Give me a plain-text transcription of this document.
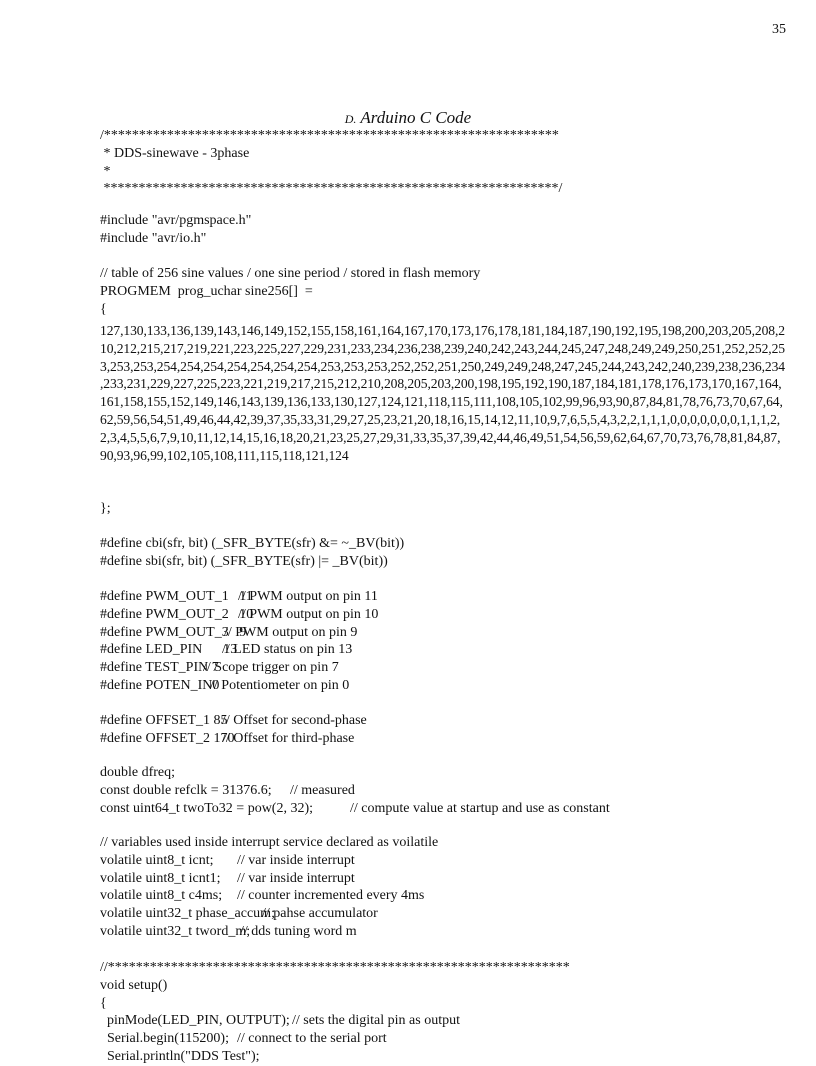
35
D. Arduino C Code
/*****************************************************************
* DDS-sinewave - 3phase
*
*****************************************************************/
#include "avr/pgmspace.h"
#include "avr/io.h"
// table of 256 sine values / one sine period / stored in flash memory
PROGMEM  prog_uchar sine256[]  =
{
127,130,133,136,139,143,146,149,152,155,158,161,164,167,170,173,176,178,181,184,187,190,192,195,198,200,203,205,208,2
10,212,215,217,219,221,223,225,227,229,231,233,234,236,238,239,240,242,243,244,245,247,248,249,249,250,251,252,252,25
3,253,253,254,254,254,254,254,254,254,253,253,253,252,252,251,250,249,249,248,247,245,244,243,242,240,239,238,236,234
,233,231,229,227,225,223,221,219,217,215,212,210,208,205,203,200,198,195,192,190,187,184,181,178,176,173,170,167,164,
161,158,155,152,149,146,143,139,136,133,130,127,124,121,118,115,111,108,105,102,99,96,93,90,87,84,81,78,76,73,70,67,64,
62,59,56,54,51,49,46,44,42,39,37,35,33,31,29,27,25,23,21,20,18,16,15,14,12,11,10,9,7,6,5,5,4,3,2,2,1,1,1,0,0,0,0,0,0,0,1,1,1,2,
2,3,4,5,5,6,7,9,10,11,12,14,15,16,18,20,21,23,25,27,29,31,33,35,37,39,42,44,46,49,51,54,56,59,62,64,67,70,73,76,78,81,84,87,
90,93,96,99,102,105,108,111,115,118,121,124
};
#define cbi(sfr, bit) (_SFR_BYTE(sfr) &= ~_BV(bit))
#define sbi(sfr, bit) (_SFR_BYTE(sfr) |= _BV(bit))
#define PWM_OUT_1   11
// PWM output on pin 11
#define PWM_OUT_2   10
// PWM output on pin 10
#define PWM_OUT_3   9
// PWM output on pin 9
#define LED_PIN      13
// LED status on pin 13
#define TEST_PIN 7
// Scope trigger on pin 7
#define POTEN_IN0
// Potentiometer on pin 0
#define OFFSET_1 85
// Offset for second-phase
#define OFFSET_2 170
// Offset for third-phase
double dfreq;
const double refclk = 31376.6; // measured
const uint64_t twoTo32 = pow(2, 32);	// compute value at startup and use as constant
// variables used inside interrupt service declared as voilatile
volatile uint8_t icnt; // var inside interrupt
volatile uint8_t icnt1; // var inside interrupt
volatile uint8_t c4ms; // counter incremented every 4ms
volatile uint32_t phase_accum;
// pahse accumulator
volatile uint32_t tword_m;
// dds tuning word m
//******************************************************************
void setup()
{
pinMode(LED_PIN, OUTPUT); // sets the digital pin as output
Serial.begin(115200); // connect to the serial port
Serial.println("DDS Test");
